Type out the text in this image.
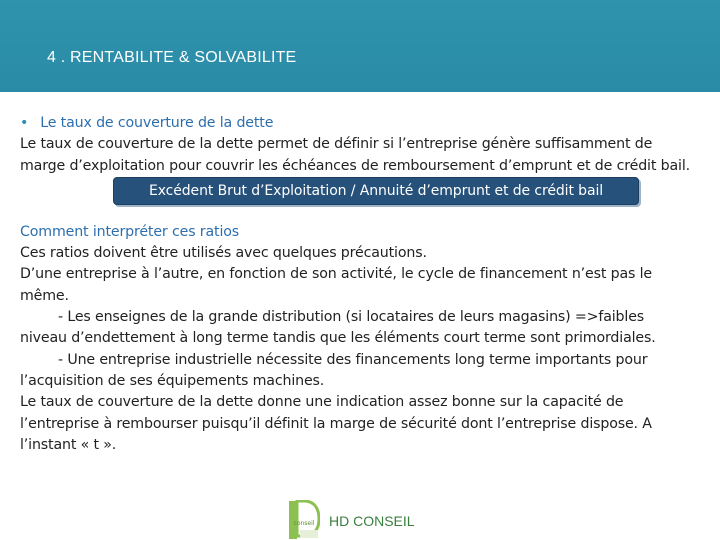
4 . RENTABILITE & SOLVABILITE
• Le taux de couverture de la dette
Le taux de couverture de la dette permet de définir si l’entreprise génère suffisamment de marge d’exploitation pour couvrir les échéances de remboursement d’emprunt et de crédit bail.
Excédent Brut d’Exploitation / Annuité d’emprunt et de crédit bail
Comment interpréter ces ratios
Ces ratios doivent être utilisés avec quelques précautions.
D’une entreprise à l’autre, en fonction de son activité, le cycle de financement n’est pas le même.
- Les enseignes de la grande distribution (si locataires de leurs magasins) =>faibles
niveau d’endettement à long terme tandis que les éléments court terme sont primordiales.
- Une entreprise industrielle nécessite des financements long terme importants pour
l’acquisition de ses équipements machines.
Le taux de couverture de la dette donne une indication assez bonne sur la capacité de l’entreprise à rembourser puisqu’il définit la marge de sécurité dont l’entreprise dispose. A l’instant « t ».
conseil HD CONSEIL
